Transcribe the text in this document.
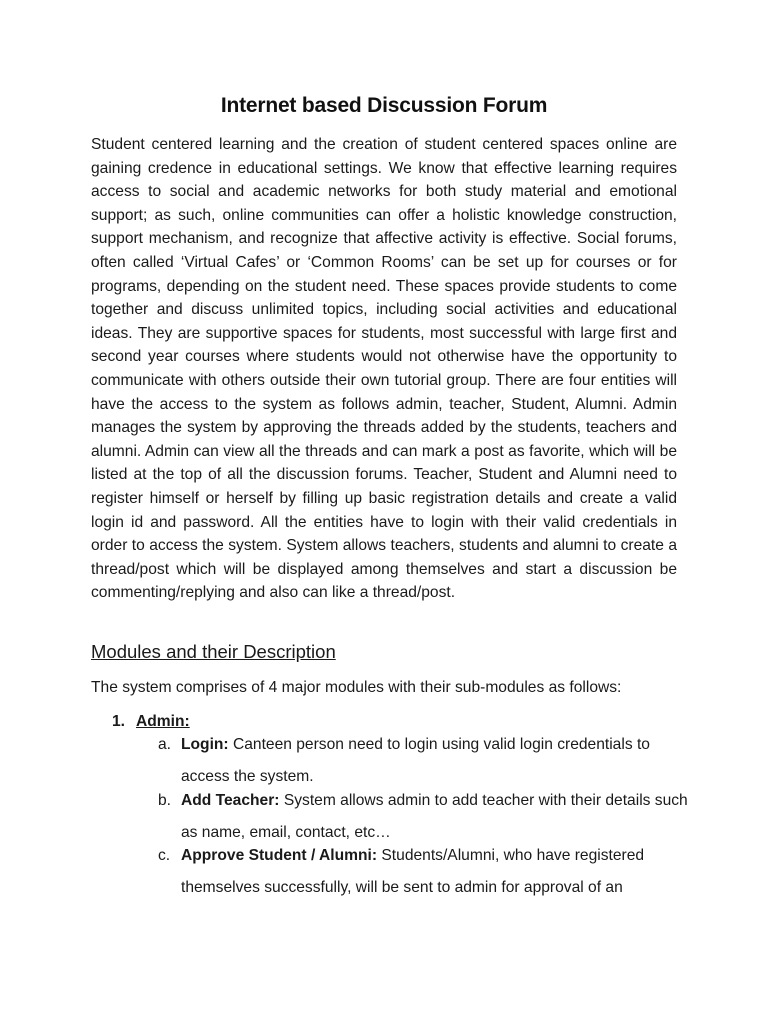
Internet based Discussion Forum
Student centered learning and the creation of student centered spaces online are gaining credence in educational settings. We know that effective learning requires access to social and academic networks for both study material and emotional support; as such, online communities can offer a holistic knowledge construction, support mechanism, and recognize that affective activity is effective. Social forums, often called ‘Virtual Cafes’ or ‘Common Rooms’ can be set up for courses or for programs, depending on the student need. These spaces provide students to come together and discuss unlimited topics, including social activities and educational ideas. They are supportive spaces for students, most successful with large first and second year courses where students would not otherwise have the opportunity to communicate with others outside their own tutorial group. There are four entities will have the access to the system as follows admin, teacher, Student, Alumni. Admin manages the system by approving the threads added by the students, teachers and alumni. Admin can view all the threads and can mark a post as favorite, which will be listed at the top of all the discussion forums. Teacher, Student and Alumni need to register himself or herself by filling up basic registration details and create a valid login id and password. All the entities have to login with their valid credentials in order to access the system. System allows teachers, students and alumni to create a thread/post which will be displayed among themselves and start a discussion be commenting/replying and also can like a thread/post.
Modules and their Description
The system comprises of 4 major modules with their sub-modules as follows:
1. Admin:
a. Login: Canteen person need to login using valid login credentials to access the system.
b. Add Teacher: System allows admin to add teacher with their details such as name, email, contact, etc…
c. Approve Student / Alumni: Students/Alumni, who have registered themselves successfully, will be sent to admin for approval of an
